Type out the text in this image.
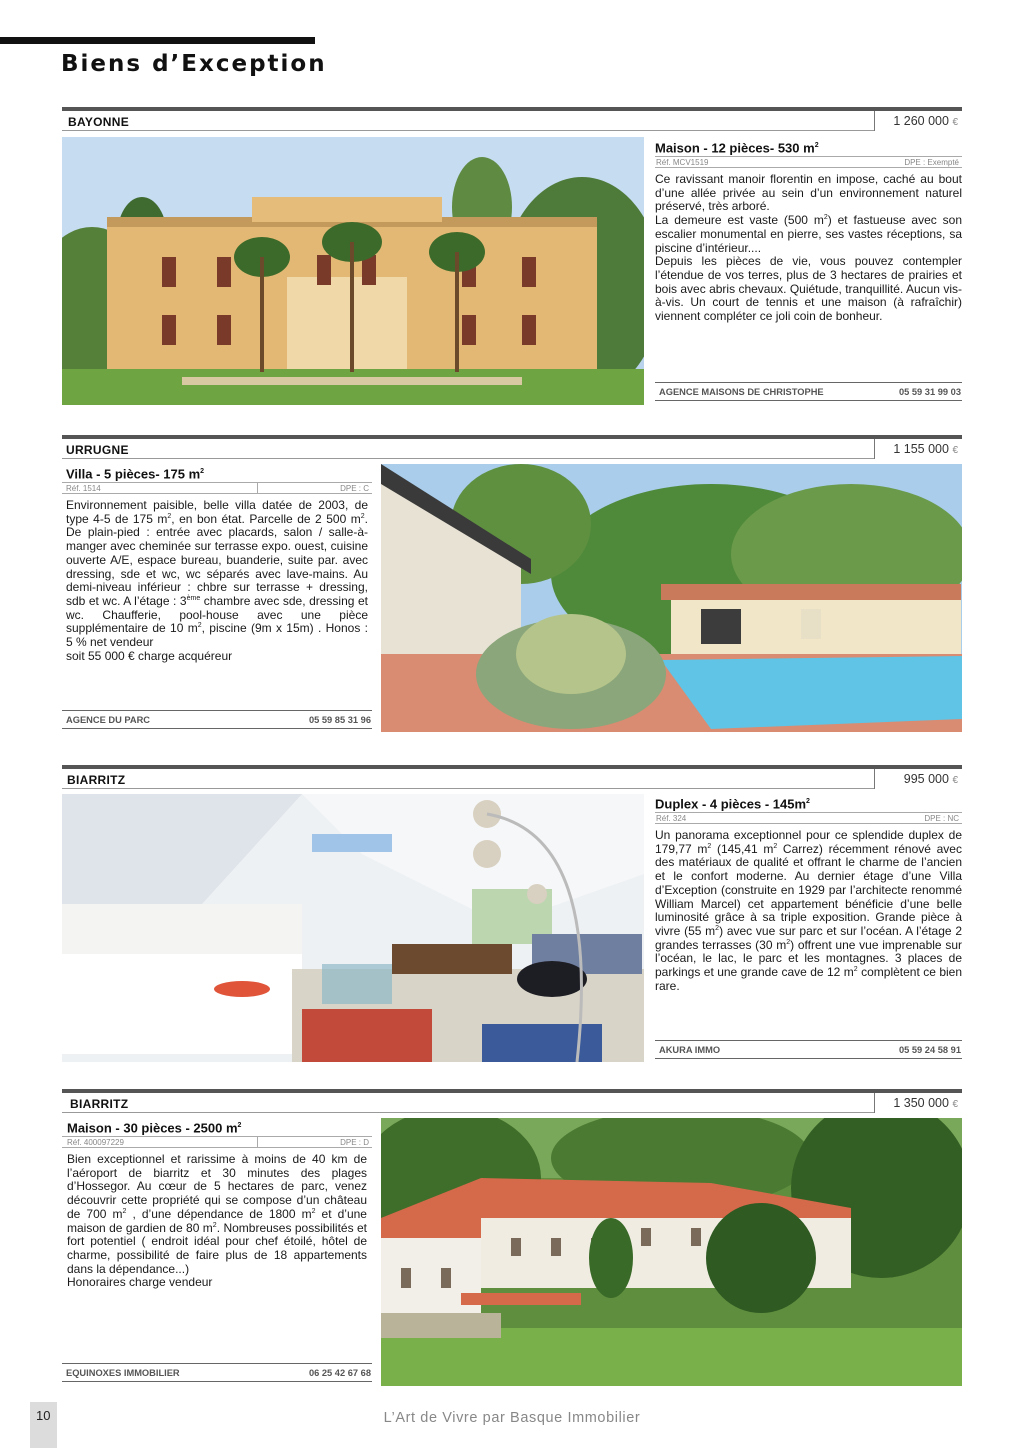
Biens d’Exception
BAYONNE	1 260 000 €
Maison - 12 pièces- 530 $m^2$
Réf. MCV1519	DPE : Exempté
Ce ravissant manoir florentin en impose, caché au bout d’une allée privée au sein d’un environnement naturel préservé, très arboré.
La demeure est vaste (500 $m^2$) et fastueuse avec son escalier monumental en pierre, ses vastes réceptions, sa piscine d’intérieur....
Depuis les pièces de vie, vous pouvez contempler l’étendue de vos terres, plus de 3 hectares de prairies et bois avec abris chevaux. Quiétude, tranquillité. Aucun vis-à-vis. Un court de tennis et une maison (à rafraîchir) viennent compléter ce joli coin de bonheur.
AGENCE MAISONS DE CHRISTOPHE	05 59 31 99 03
URRUGNE	1 155 000 €
Villa - 5 pièces- 175 $m^2$
Réf. 1514	DPE : C
Environnement paisible, belle villa datée de 2003, de type 4-5 de 175 $m^2$, en bon état. Parcelle de 2 500 $m^2$. De plain-pied : entrée avec placards, salon / salle-à-manger avec cheminée sur terrasse expo. ouest, cuisine ouverte A/E, espace bureau, buanderie, suite par. avec dressing, sde et wc, wc séparés avec lave-mains. Au demi-niveau inférieur : chbre sur terrasse + dressing, sdb et wc. A l’étage : 3ème chambre avec sde, dressing et wc. Chaufferie, pool-house avec une pièce supplémentaire de 10 $m^2$, piscine (9m x 15m) . Honos : 5 % net vendeur
soit 55 000 € charge acquéreur
AGENCE DU PARC	05 59 85 31 96
BIARRITZ	995 000 €
Duplex - 4 pièces - $145m^2$
Réf. 324	DPE : NC
Un panorama exceptionnel pour ce splendide duplex de 179,77 $m^2$ (145,41 $m^2$ Carrez) récemment rénové avec des matériaux de qualité et offrant le charme de l’ancien et le confort moderne. Au dernier étage d’une Villa d’Exception (construite en 1929 par l’architecte renommé William Marcel) cet appartement bénéficie d’une belle luminosité grâce à sa triple exposition. Grande pièce à vivre (55 $m^2$) avec vue sur parc et sur l’océan. A l’étage 2 grandes terrasses (30 $m^2$) offrent une vue imprenable sur l’océan, le lac, le parc et les montagnes. 3 places de parkings et une grande cave de 12 $m^2$ complètent ce bien rare.
AKURA IMMO	05 59 24 58 91
BIARRITZ	1 350 000 €
Maison - 30 pièces - 2500 $m^2$
Réf. 400097229	DPE : D
Bien exceptionnel et rarissime à moins de 40 km de l’aéroport de biarritz et 30 minutes des plages d’Hossegor. Au cœur de 5 hectares de parc, venez découvrir cette propriété qui se compose d’un château de 700 $m^2$ , d’une dépendance de 1800 $m^2$ et d’une maison de gardien de 80 $m^2$. Nombreuses possibilités et fort potentiel ( endroit idéal pour chef étoilé, hôtel de charme, possibilité de faire plus de 18 appartements dans la dépendance...)
Honoraires charge vendeur
EQUINOXES IMMOBILIER	06 25 42 67 68
10	L’Art de Vivre par Basque Immobilier
